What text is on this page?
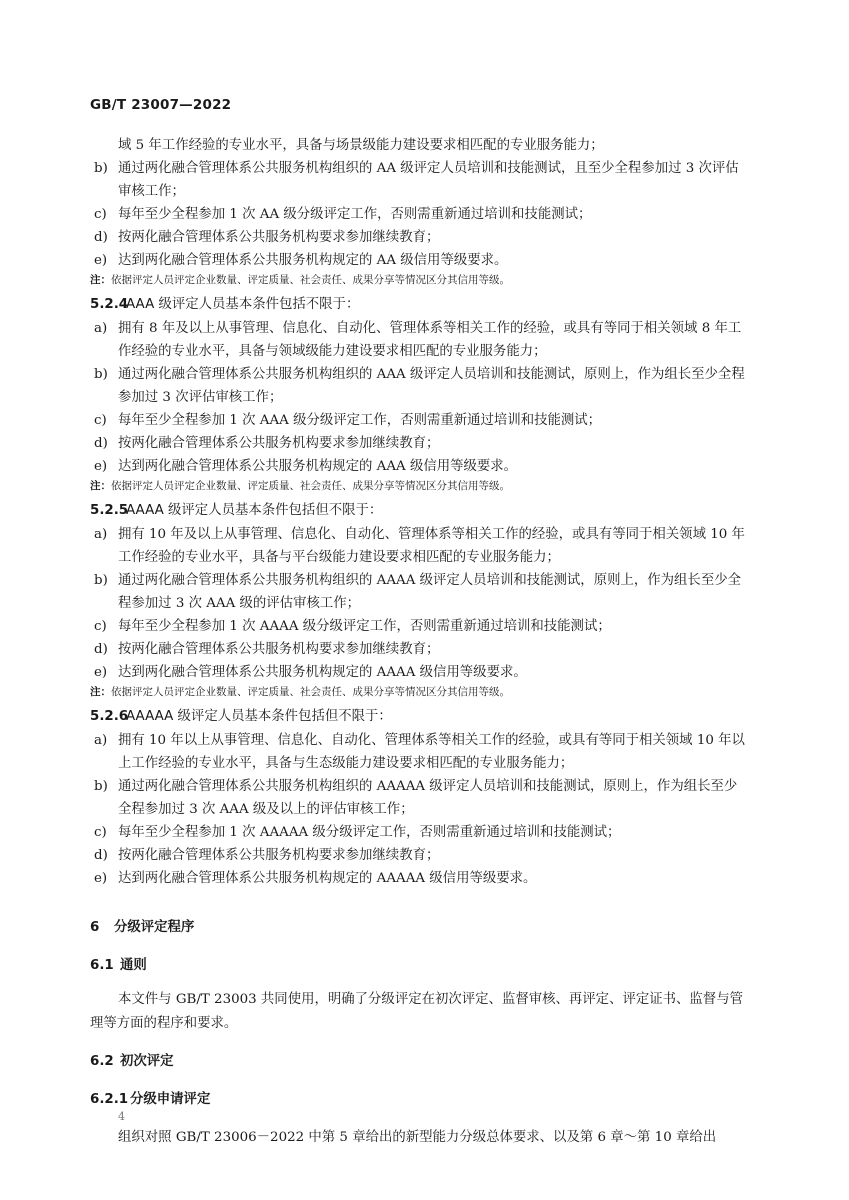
GB/T 23007—2022
域 5 年工作经验的专业水平，具备与场景级能力建设要求相匹配的专业服务能力；
b) 通过两化融合管理体系公共服务机构组织的 AA 级评定人员培训和技能测试，且至少全程参加过 3 次评估审核工作；
c) 每年至少全程参加 1 次 AA 级分级评定工作，否则需重新通过培训和技能测试；
d) 按两化融合管理体系公共服务机构要求参加继续教育；
e) 达到两化融合管理体系公共服务机构规定的 AA 级信用等级要求。
注：依据评定人员评定企业数量、评定质量、社会责任、成果分享等情况区分其信用等级。
5.2.4AAA 级评定人员基本条件包括不限于：
a) 拥有 8 年及以上从事管理、信息化、自动化、管理体系等相关工作的经验，或具有等同于相关领域 8 年工作经验的专业水平，具备与领域级能力建设要求相匹配的专业服务能力；
b) 通过两化融合管理体系公共服务机构组织的 AAA 级评定人员培训和技能测试，原则上，作为组长至少全程参加过 3 次评估审核工作；
c) 每年至少全程参加 1 次 AAA 级分级评定工作，否则需重新通过培训和技能测试；
d) 按两化融合管理体系公共服务机构要求参加继续教育；
e) 达到两化融合管理体系公共服务机构规定的 AAA 级信用等级要求。
注：依据评定人员评定企业数量、评定质量、社会责任、成果分享等情况区分其信用等级。
5.2.5AAAA 级评定人员基本条件包括但不限于：
a) 拥有 10 年及以上从事管理、信息化、自动化、管理体系等相关工作的经验，或具有等同于相关领域 10 年工作经验的专业水平，具备与平台级能力建设要求相匹配的专业服务能力；
b) 通过两化融合管理体系公共服务机构组织的 AAAA 级评定人员培训和技能测试，原则上，作为组长至少全程参加过 3 次 AAA 级的评估审核工作；
c) 每年至少全程参加 1 次 AAAA 级分级评定工作，否则需重新通过培训和技能测试；
d) 按两化融合管理体系公共服务机构要求参加继续教育；
e) 达到两化融合管理体系公共服务机构规定的 AAAA 级信用等级要求。
注：依据评定人员评定企业数量、评定质量、社会责任、成果分享等情况区分其信用等级。
5.2.6AAAAA 级评定人员基本条件包括但不限于：
a) 拥有 10 年以上从事管理、信息化、自动化、管理体系等相关工作的经验，或具有等同于相关领域 10 年以上工作经验的专业水平，具备与生态级能力建设要求相匹配的专业服务能力；
b) 通过两化融合管理体系公共服务机构组织的 AAAAA 级评定人员培训和技能测试，原则上，作为组长至少全程参加过 3 次 AAA 级及以上的评估审核工作；
c) 每年至少全程参加 1 次 AAAAA 级分级评定工作，否则需重新通过培训和技能测试；
d) 按两化融合管理体系公共服务机构要求参加继续教育；
e) 达到两化融合管理体系公共服务机构规定的 AAAAA 级信用等级要求。
6 分级评定程序
6.1 通则
本文件与 GB/T 23003 共同使用，明确了分级评定在初次评定、监督审核、再评定、评定证书、监督与管理等方面的程序和要求。
6.2 初次评定
6.2.1 分级申请评定
组织对照 GB/T 23006－2022 中第 5 章给出的新型能力分级总体要求、以及第 6 章～第 10 章给出
4
